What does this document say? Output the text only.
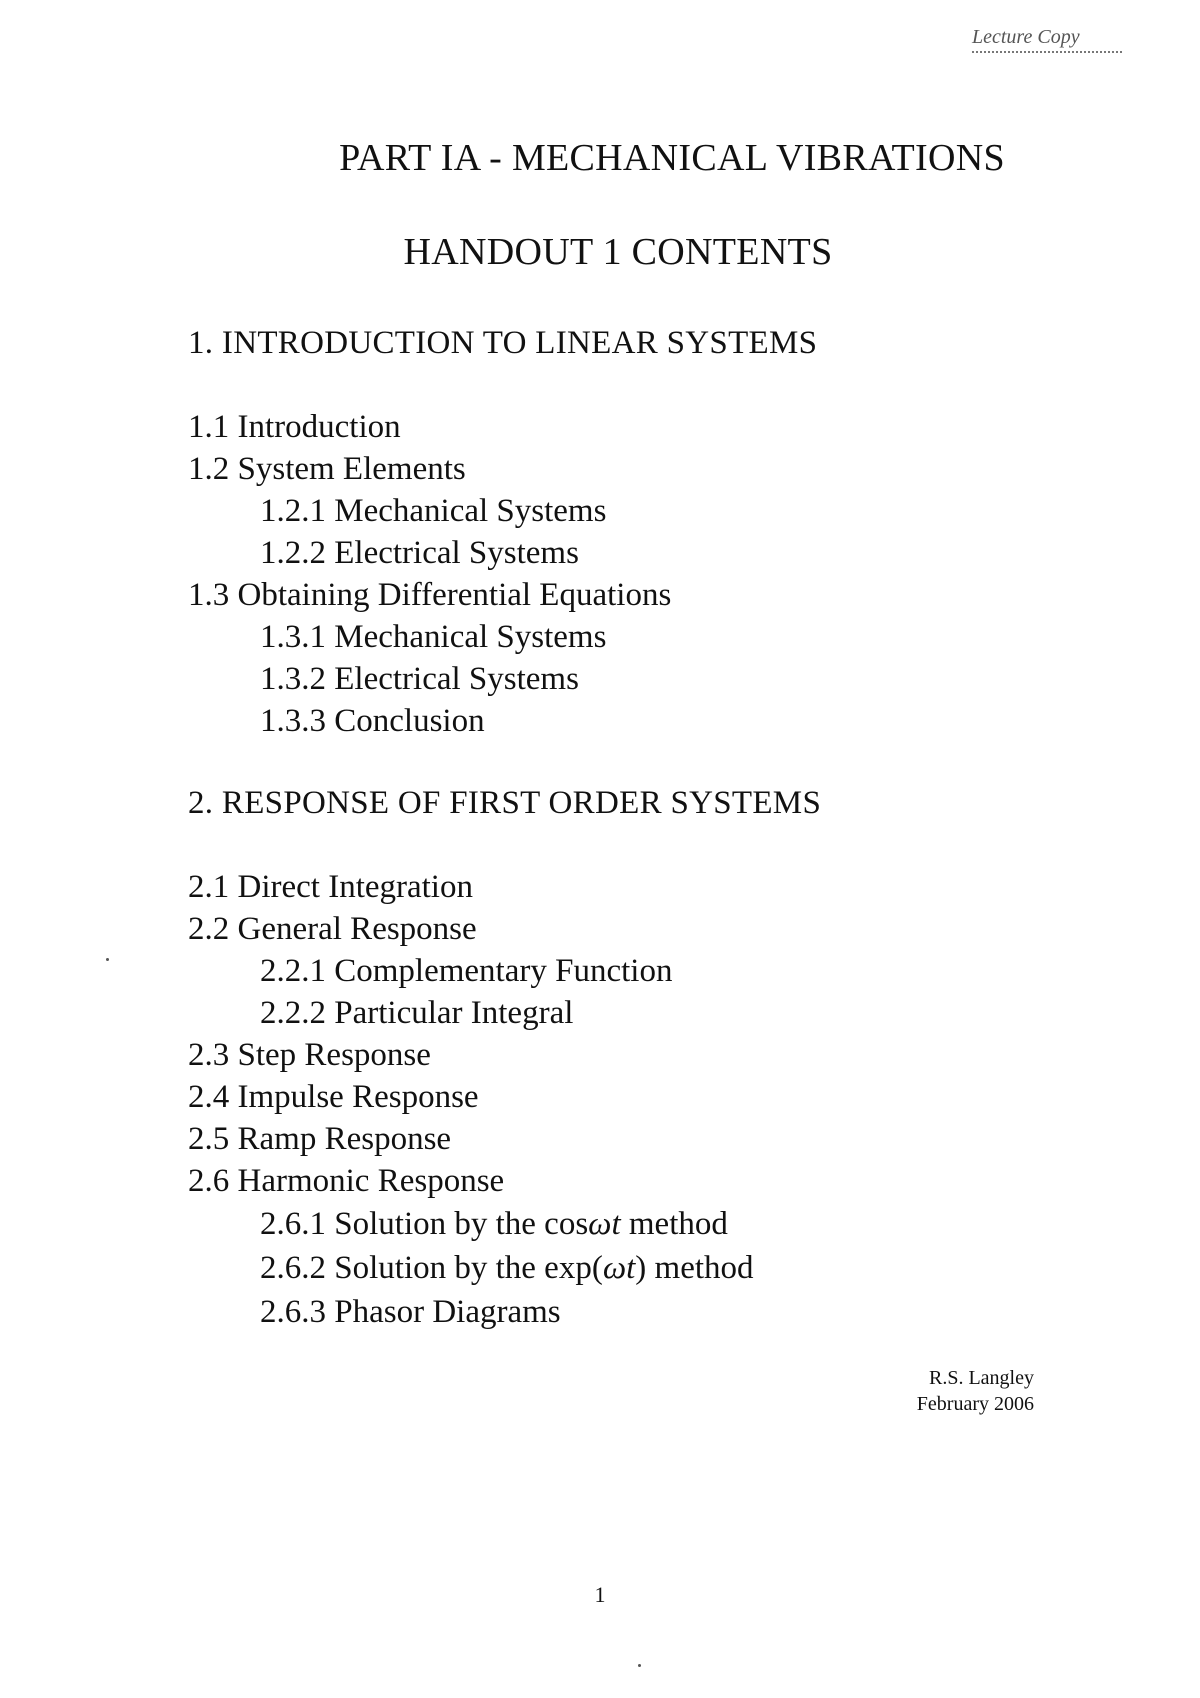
Lecture Copy
PART IA - MECHANICAL VIBRATIONS
HANDOUT 1 CONTENTS
1. INTRODUCTION TO LINEAR SYSTEMS
1.1 Introduction
1.2 System Elements
1.2.1 Mechanical Systems
1.2.2 Electrical Systems
1.3 Obtaining Differential Equations
1.3.1 Mechanical Systems
1.3.2 Electrical Systems
1.3.3 Conclusion
2. RESPONSE OF FIRST ORDER SYSTEMS
2.1 Direct Integration
2.2 General Response
2.2.1 Complementary Function
2.2.2 Particular Integral
2.3 Step Response
2.4 Impulse Response
2.5 Ramp Response
2.6 Harmonic Response
2.6.1 Solution by the cosωt method
2.6.2 Solution by the exp(ωt) method
2.6.3 Phasor Diagrams
R.S. Langley
February 2006
1
